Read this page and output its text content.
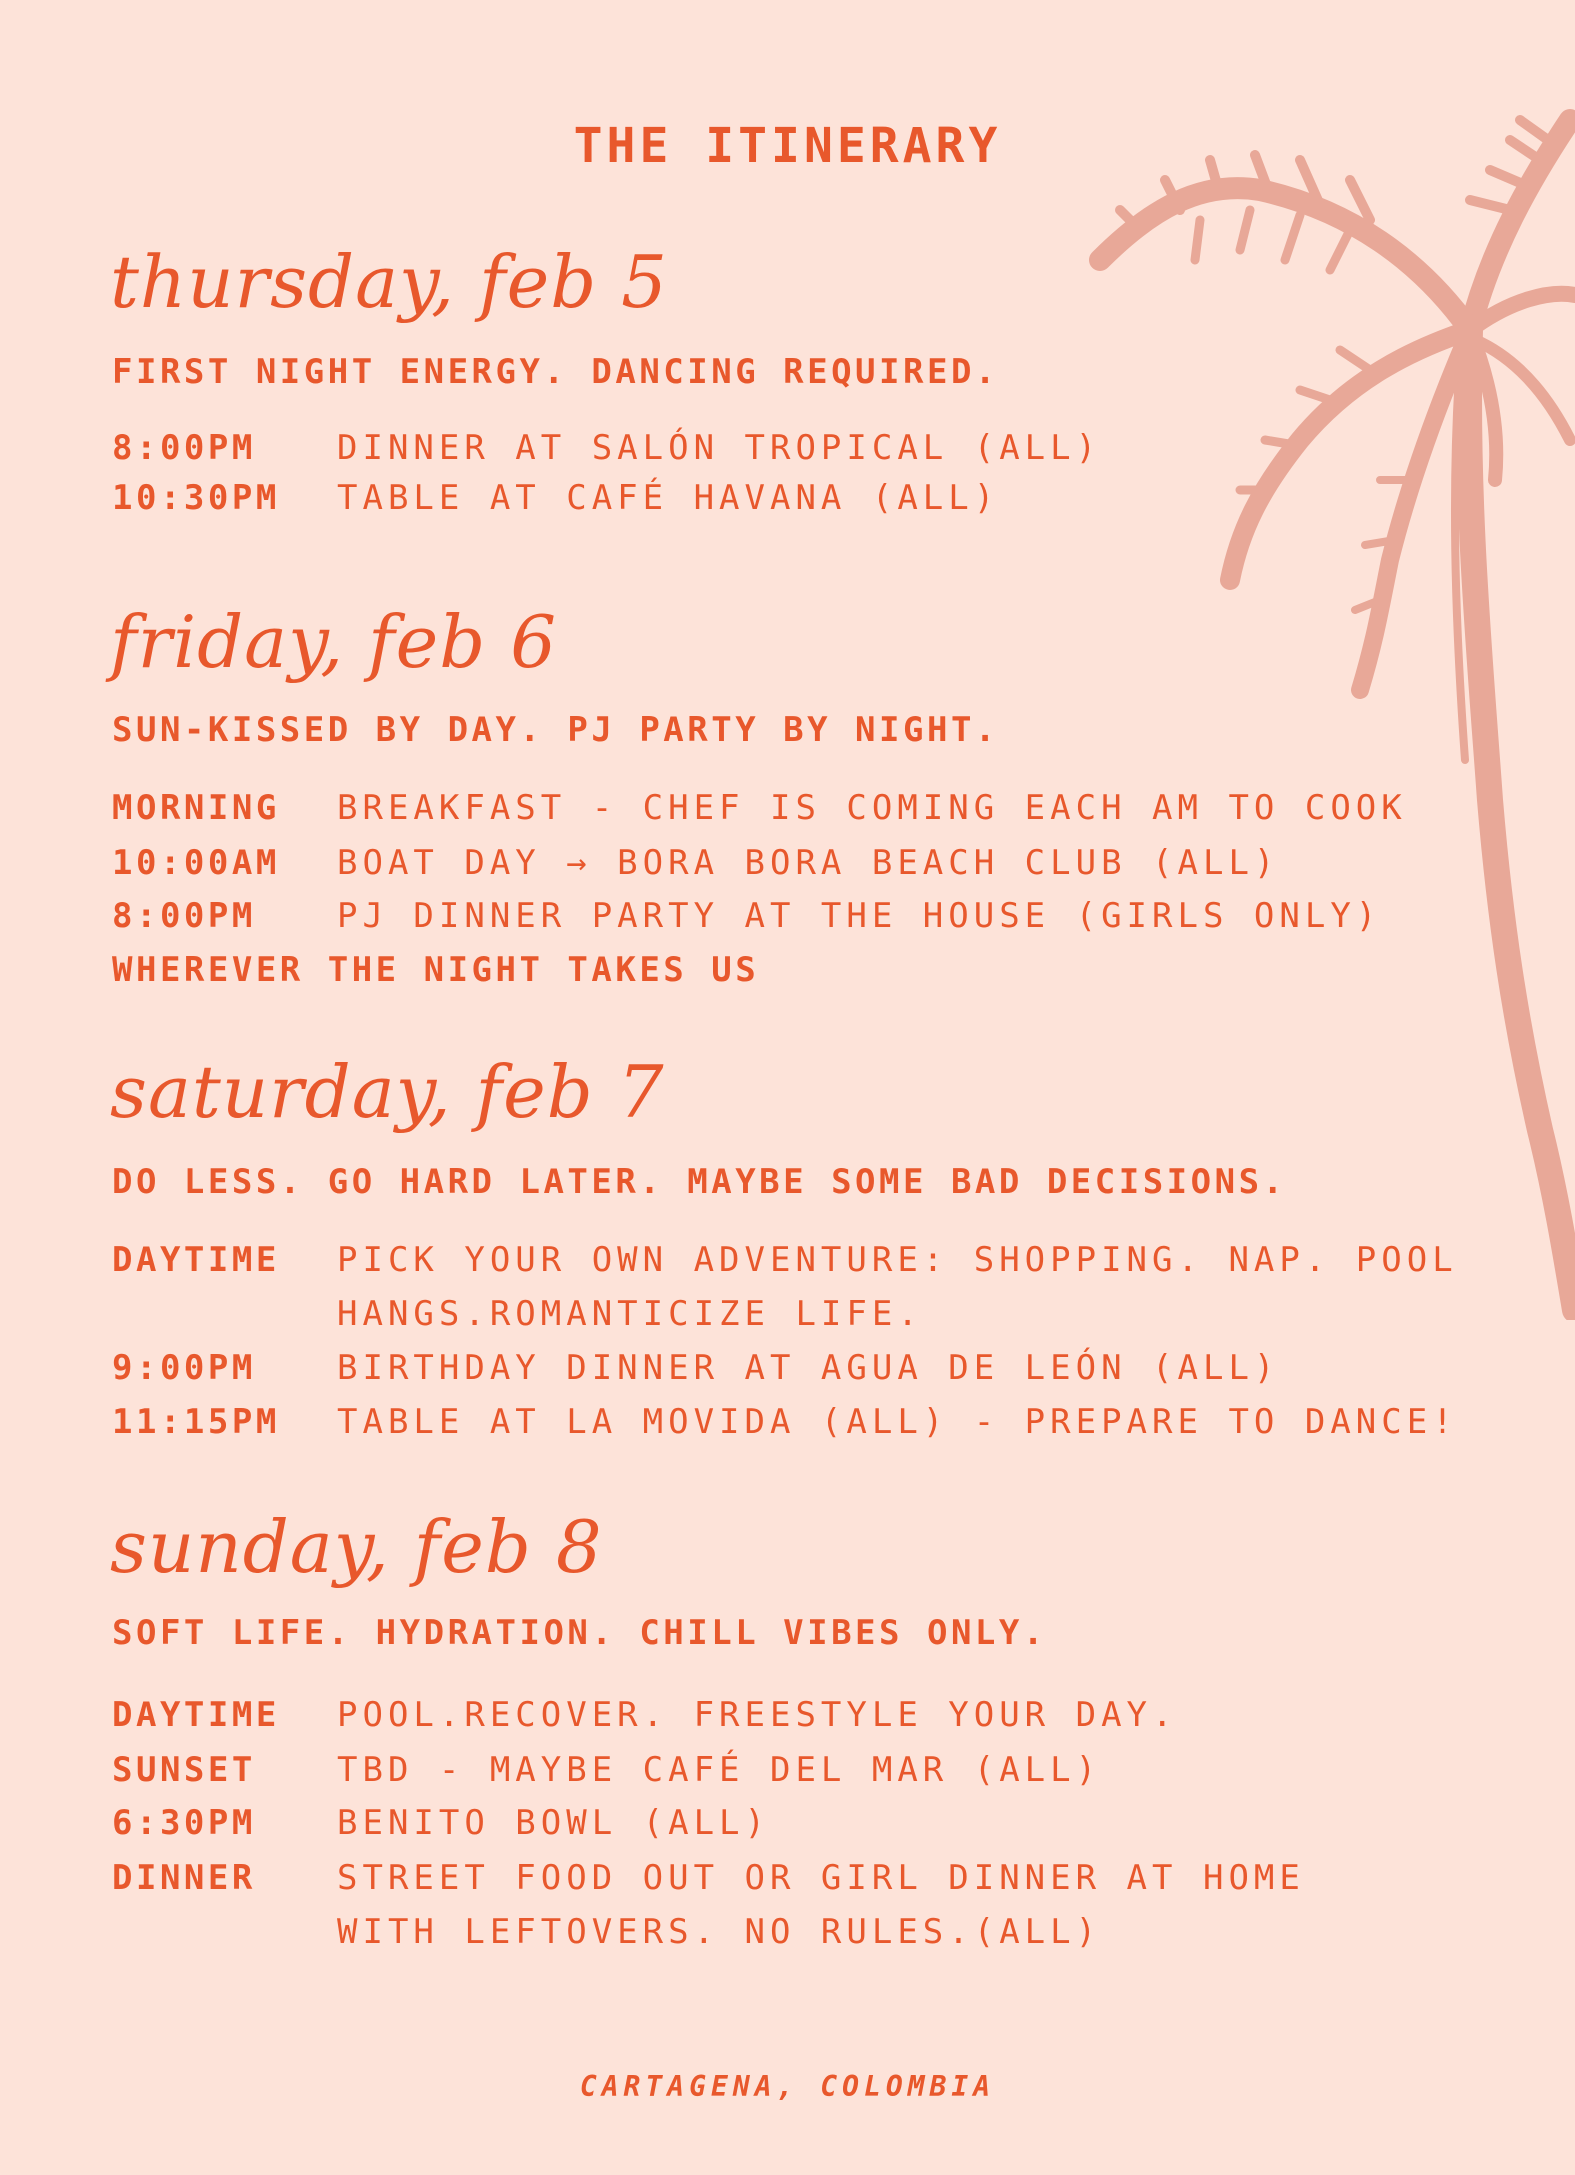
THE ITINERARY
thursday, feb 5
FIRST NIGHT ENERGY. DANCING REQUIRED.
8:00PM DINNER AT SALÓN TROPICAL (ALL)
10:30PM TABLE AT CAFÉ HAVANA (ALL)
friday, feb 6
SUN-KISSED BY DAY. PJ PARTY BY NIGHT.
MORNING BREAKFAST - CHEF IS COMING EACH AM TO COOK
10:00AM BOAT DAY → BORA BORA BEACH CLUB (ALL)
8:00PM PJ DINNER PARTY AT THE HOUSE (GIRLS ONLY)
WHEREVER THE NIGHT TAKES US
saturday, feb 7
DO LESS. GO HARD LATER. MAYBE SOME BAD DECISIONS.
DAYTIME PICK YOUR OWN ADVENTURE: SHOPPING. NAP. POOL
HANGS.ROMANTICIZE LIFE.
9:00PM BIRTHDAY DINNER AT AGUA DE LEÓN (ALL)
11:15PM TABLE AT LA MOVIDA (ALL) - PREPARE TO DANCE!
sunday, feb 8
SOFT LIFE. HYDRATION. CHILL VIBES ONLY.
DAYTIME POOL.RECOVER. FREESTYLE YOUR DAY.
SUNSET TBD - MAYBE CAFÉ DEL MAR (ALL)
6:30PM BENITO BOWL (ALL)
DINNER STREET FOOD OUT OR GIRL DINNER AT HOME
WITH LEFTOVERS. NO RULES.(ALL)
CARTAGENA, COLOMBIA
